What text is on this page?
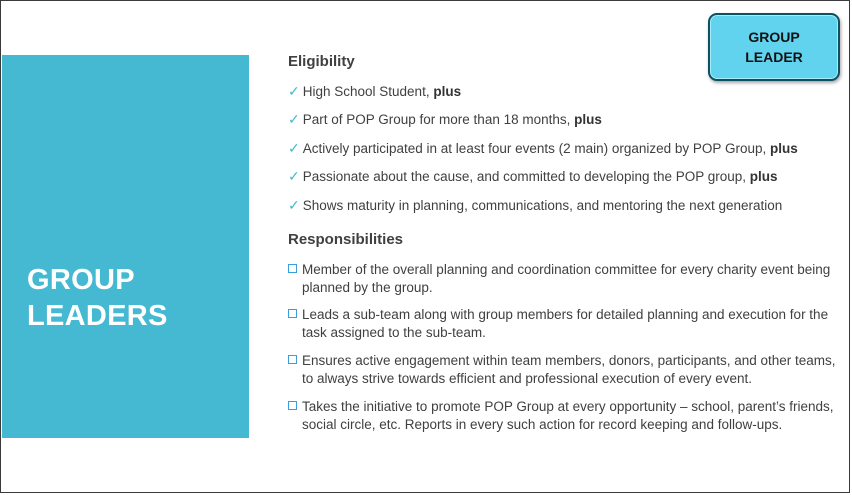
GROUP
LEADERS
GROUP
LEADER
Eligibility
✓ High School Student, plus
✓ Part of POP Group for more than 18 months, plus
✓ Actively participated in at least four events (2 main) organized by POP Group, plus
✓ Passionate about the cause, and committed to developing the POP group, plus
✓ Shows maturity in planning, communications, and mentoring the next generation
Responsibilities
Member of the overall planning and coordination committee for every charity event being planned by the group.
Leads a sub-team along with group members for detailed planning and execution for the task assigned to the sub-team.
Ensures active engagement within team members, donors, participants, and other teams, to always strive towards efficient and professional execution of every event.
Takes the initiative to promote POP Group at every opportunity – school, parent’s friends, social circle, etc. Reports in every such action for record keeping and follow-ups.
